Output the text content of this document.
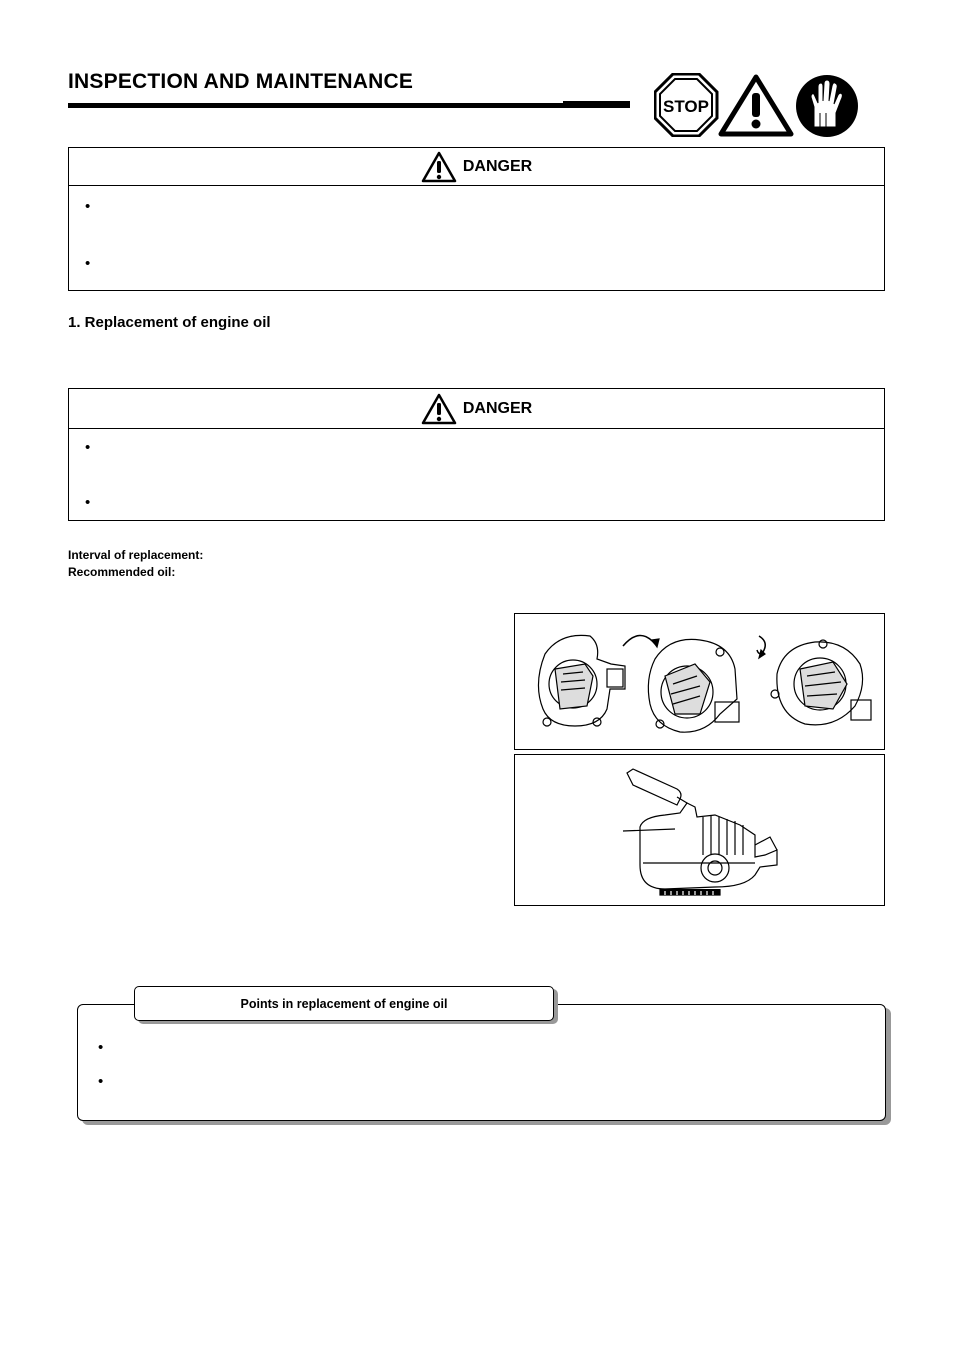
INSPECTION AND MAINTENANCE
STOP
DANGER
•
•
1. Replacement of engine oil
DANGER
•
•
Interval of replacement:
Recommended oil:
•
•
Points in replacement of engine oil
